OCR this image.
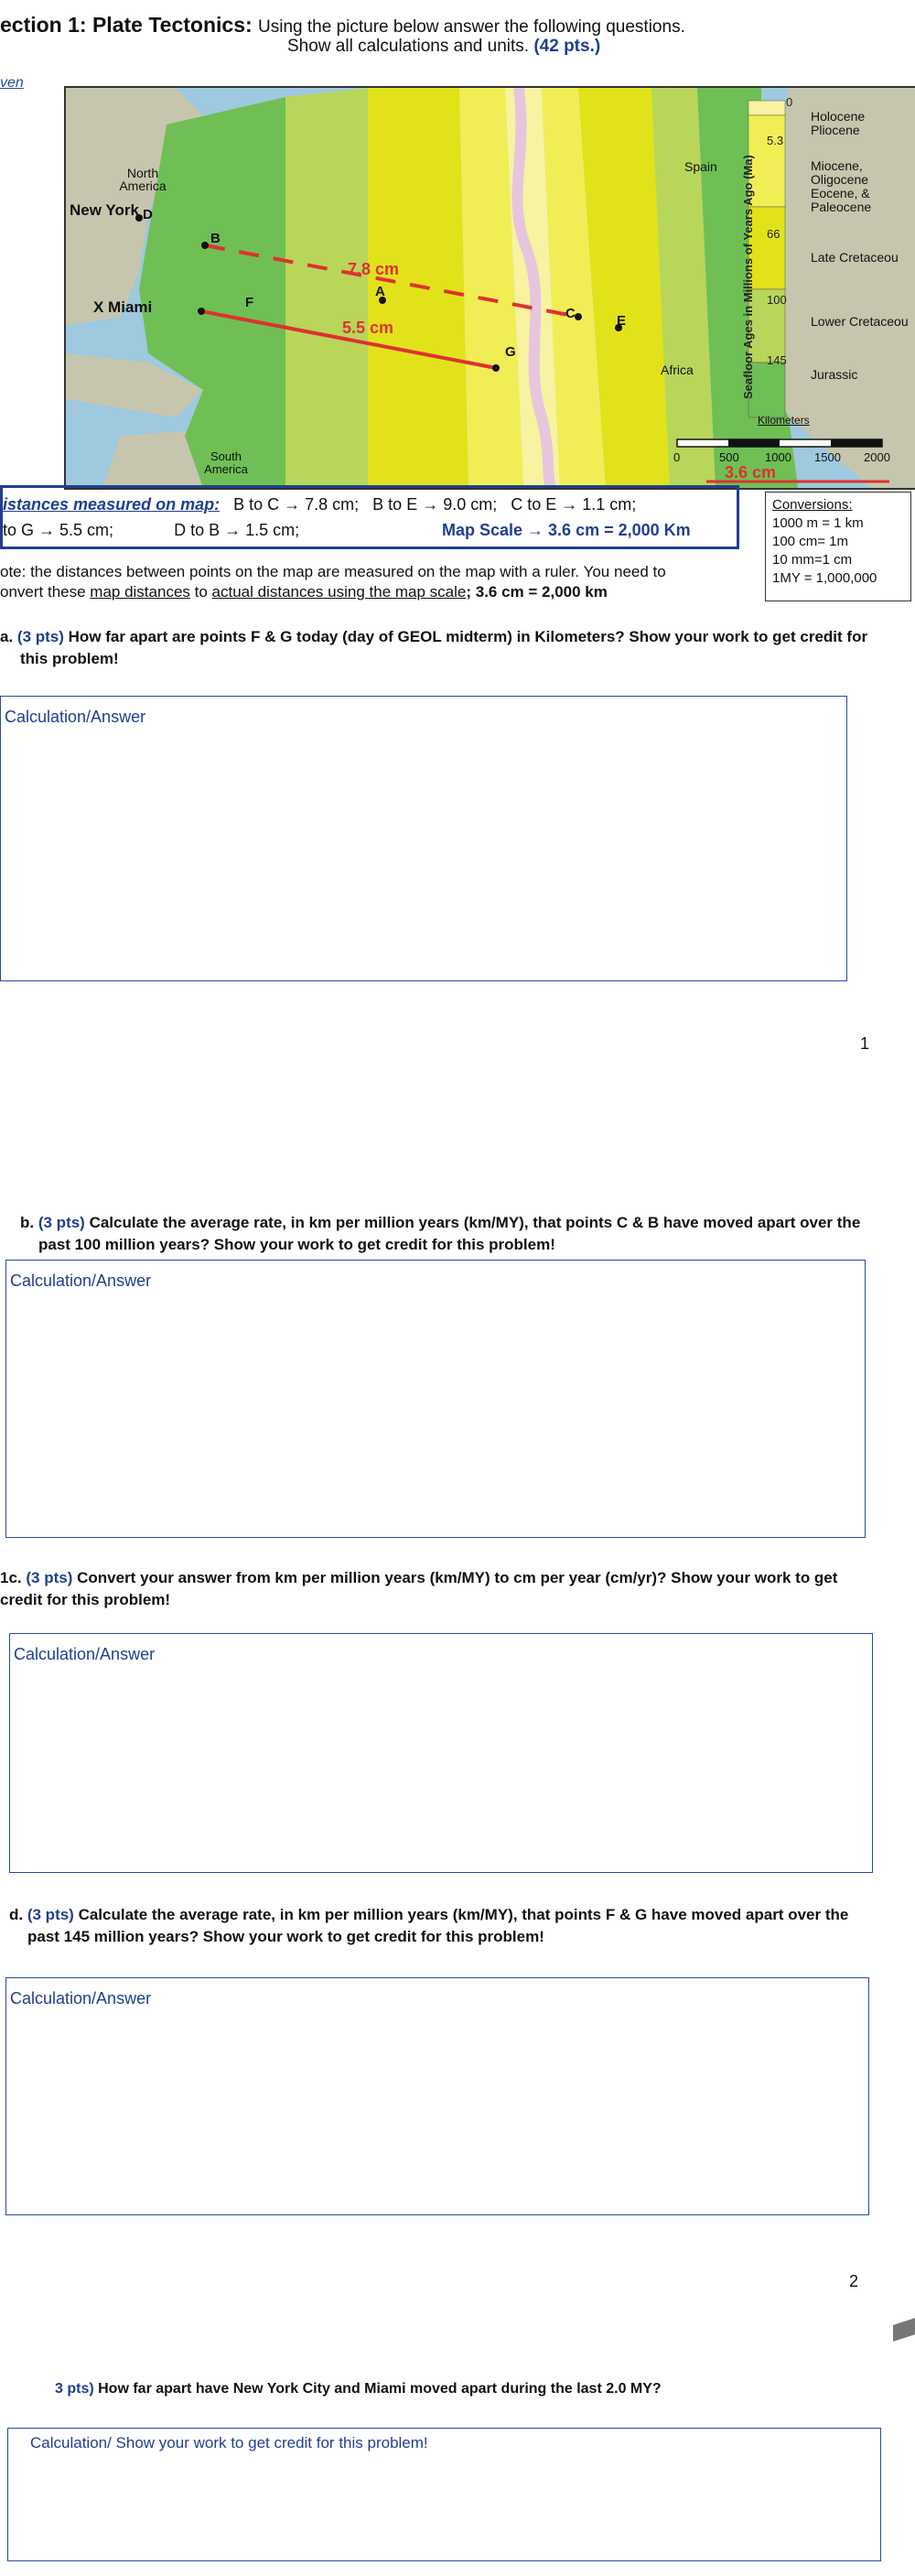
ection 1: Plate Tectonics: Using the picture below answer the following questions.
Show all calculations and units. (42 pts.)
ven
North America
New York
X Miami
South America
Spain
Africa
B
D
F
A
C	E
G
7.8 cm
5.5 cm
0
5.3
66
100
145
Holocene Pliocene
Miocene, Oligocene Eocene, & Paleocene
Late Cretaceou
Lower Cretaceou
Jurassic
Kilometers
0	500 1000 1500 2000
3.6 cm
istances measured on map: B to C → 7.8 cm; B to E → 9.0 cm; C to E → 1.1 cm;
to G → 5.5 cm;	D to B → 1.5 cm;	Map Scale → 3.6 cm = 2,000 Km
Conversions:
1000 m = 1 km
100 cm= 1m
10 mm=1 cm
1MY = 1,000,000
ote: the distances between points on the map are measured on the map with a ruler. You need to
onvert these map distances to actual distances using the map scale; 3.6 cm = 2,000 km
a. (3 pts) How far apart are points F & G today (day of GEOL midterm) in Kilometers? Show your work to get credit for
this problem!
Calculation/Answer
1
b. (3 pts) Calculate the average rate, in km per million years (km/MY), that points C & B have moved apart over the
past 100 million years? Show your work to get credit for this problem!
Calculation/Answer
1c. (3 pts) Convert your answer from km per million years (km/MY) to cm per year (cm/yr)? Show your work to get
credit for this problem!
Calculation/Answer
d. (3 pts) Calculate the average rate, in km per million years (km/MY), that points F & G have moved apart over the
past 145 million years? Show your work to get credit for this problem!
Calculation/Answer
2
3 pts) How far apart have New York City and Miami moved apart during the last 2.0 MY?
Calculation/ Show your work to get credit for this problem!
